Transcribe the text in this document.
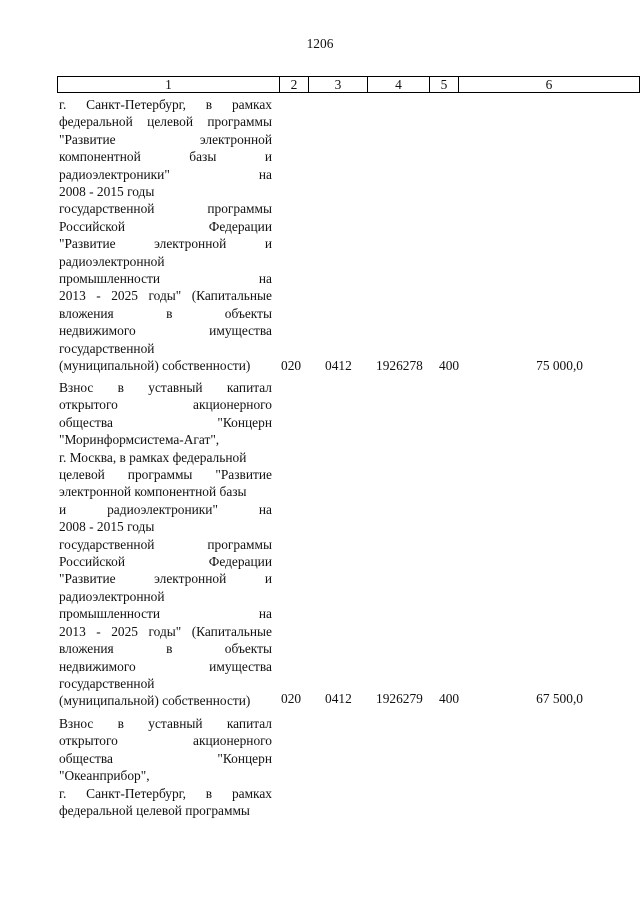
1206
1	2	3	4	5	6
г. Санкт-Петербург, в рамках
федеральной целевой программы
"Развитие электронной
компонентной базы и
радиоэлектроники" на
2008 - 2015 годы
государственной программы
Российской Федерации
"Развитие электронной и
радиоэлектронной
промышленности на
2013 - 2025 годы" (Капитальные
вложения в объекты
недвижимого имущества
государственной
(муниципальной) собственности)	020 0412 1926278 400	75 000,0
Взнос в уставный капитал
открытого акционерного
общества "Концерн
"Моринформсистема-Агат",
г. Москва, в рамках федеральной
целевой программы "Развитие
электронной компонентной базы
и радиоэлектроники" на
2008 - 2015 годы
государственной программы
Российской Федерации
"Развитие электронной и
радиоэлектронной
промышленности на
2013 - 2025 годы" (Капитальные
вложения в объекты
недвижимого имущества
государственной
(муниципальной) собственности)	020 0412 1926279 400	67 500,0
Взнос в уставный капитал
открытого акционерного
общества "Концерн
"Океанприбор",
г. Санкт-Петербург, в рамках
федеральной целевой программы
